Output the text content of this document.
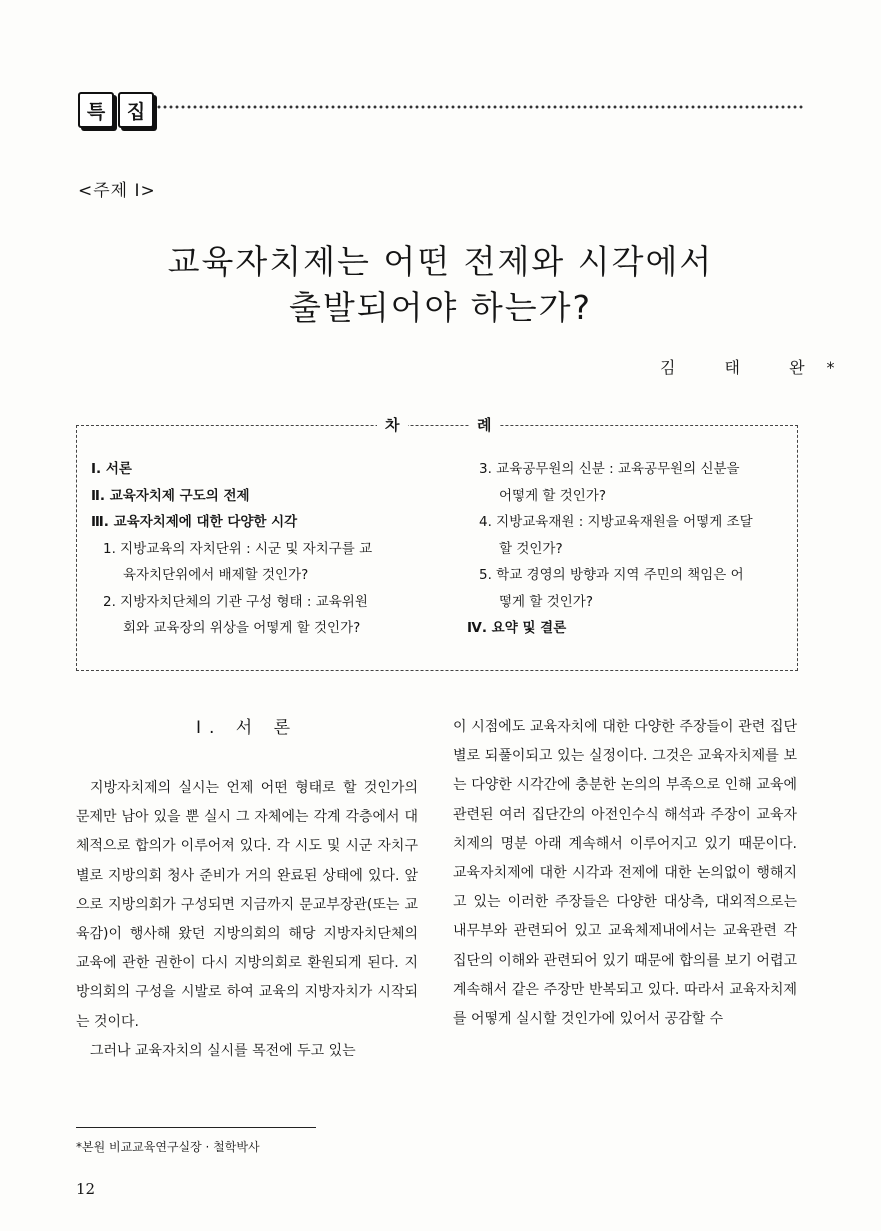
특	집
<주제 Ⅰ>
교육자치제는 어떤 전제와 시각에서
출발되어야 하는가?
김 태 완*
차	례
Ⅰ. 서론
Ⅱ. 교육자치제 구도의 전제
Ⅲ. 교육자치제에 대한 다양한 시각
1. 지방교육의 자치단위 : 시군 및 자치구를 교
육자치단위에서 배제할 것인가?
2. 지방자치단체의 기관 구성 형태 : 교육위원
회와 교육장의 위상을 어떻게 할 것인가?
3. 교육공무원의 신분 : 교육공무원의 신분을
어떻게 할 것인가?
4. 지방교육재원 : 지방교육재원을 어떻게 조달
할 것인가?
5. 학교 경영의 방향과 지역 주민의 책임은 어
떻게 할 것인가?
Ⅳ. 요약 및 결론
Ⅰ. 서 론

지방자치제의 실시는 언제 어떤 형태로 할 것인가의 문제만 남아 있을 뿐 실시 그 자체에는 각계 각층에서 대체적으로 합의가 이루어져 있다. 각 시도 및 시군 자치구별로 지방의회 청사 준비가 거의 완료된 상태에 있다. 앞으로 지방의회가 구성되면 지금까지 문교부장관(또는 교육감)이 행사해 왔던 지방의회의 해당 지방자치단체의 교육에 관한 권한이 다시 지방의회로 환원되게 된다. 지방의회의 구성을 시발로 하여 교육의 지방자치가 시작되는 것이다.

그러나 교육자치의 실시를 목전에 두고 있는

이 시점에도 교육자치에 대한 다양한 주장들이 관련 집단별로 되풀이되고 있는 실정이다. 그것은 교육자치제를 보는 다양한 시각간에 충분한 논의의 부족으로 인해 교육에 관련된 여러 집단간의 아전인수식 해석과 주장이 교육자치제의 명분 아래 계속해서 이루어지고 있기 때문이다. 교육자치제에 대한 시각과 전제에 대한 논의없이 행해지고 있는 이러한 주장들은 다양한 대상측, 대외적으로는 내무부와 관련되어 있고 교육체제내에서는 교육관련 각 집단의 이해와 관련되어 있기 때문에 합의를 보기 어렵고 계속해서 같은 주장만 반복되고 있다. 따라서 교육자치제를 어떻게 실시할 것인가에 있어서 공감할 수

*본원 비교교육연구실장 · 철학박사
12
